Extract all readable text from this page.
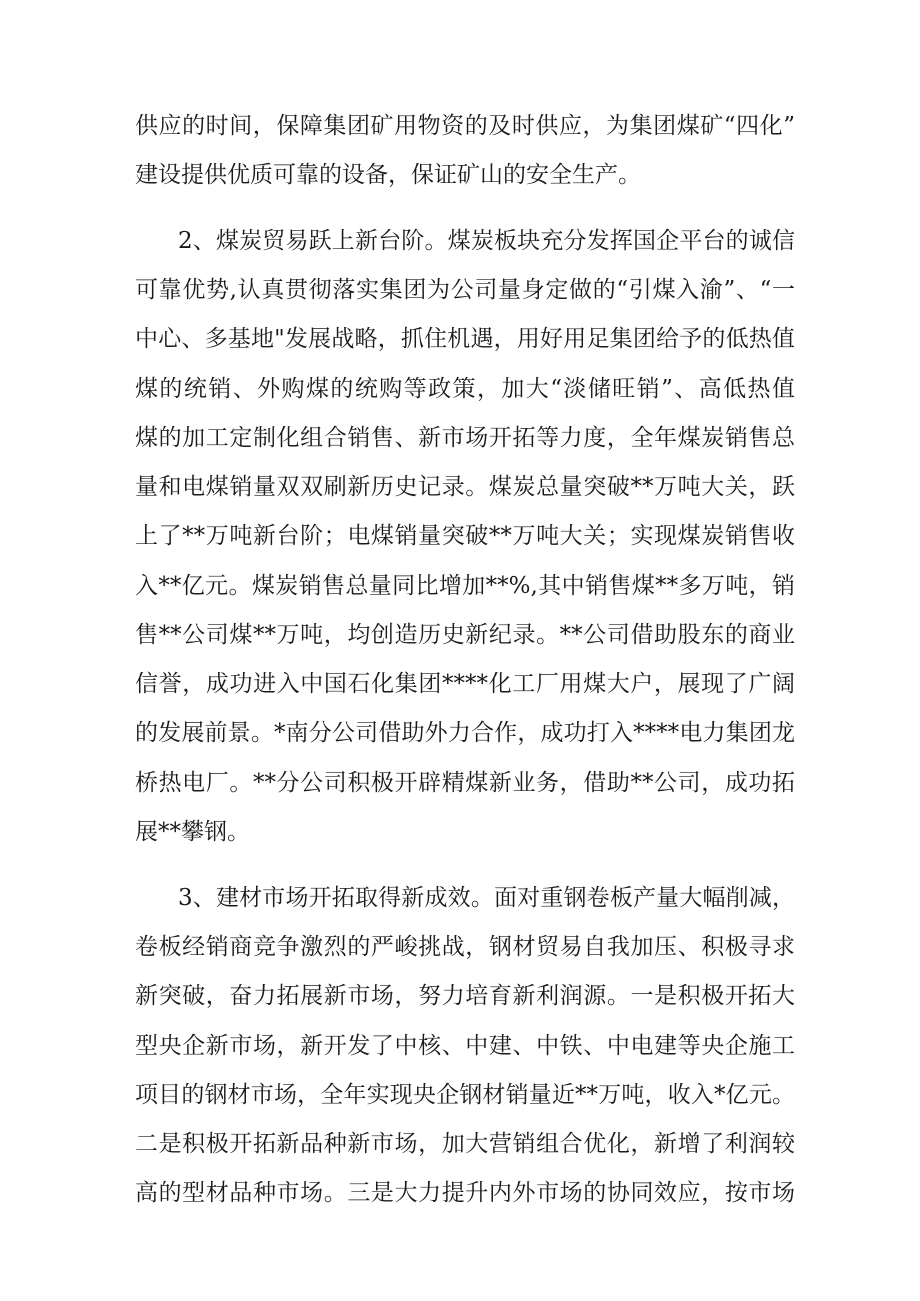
供应的时间，保障集团矿用物资的及时供应，为集团煤矿“四化”
建设提供优质可靠的设备，保证矿山的安全生产。
2、煤炭贸易跃上新台阶。煤炭板块充分发挥国企平台的诚信
可靠优势,认真贯彻落实集团为公司量身定做的“引煤入渝”、“一
中心、多基地"发展战略，抓住机遇，用好用足集团给予的低热值
煤的统销、外购煤的统购等政策，加大“淡储旺销”、高低热值
煤的加工定制化组合销售、新市场开拓等力度，全年煤炭销售总
量和电煤销量双双刷新历史记录。煤炭总量突破**万吨大关，跃
上了**万吨新台阶；电煤销量突破**万吨大关；实现煤炭销售收
入**亿元。煤炭销售总量同比增加**%,其中销售煤**多万吨，销
售**公司煤**万吨，均创造历史新纪录。**公司借助股东的商业
信誉，成功进入中国石化集团****化工厂用煤大户，展现了广阔
的发展前景。*南分公司借助外力合作，成功打入****电力集团龙
桥热电厂。**分公司积极开辟精煤新业务，借助**公司，成功拓
展**攀钢。
3、建材市场开拓取得新成效。面对重钢卷板产量大幅削减，
卷板经销商竞争激烈的严峻挑战，钢材贸易自我加压、积极寻求
新突破，奋力拓展新市场，努力培育新利润源。一是积极开拓大
型央企新市场，新开发了中核、中建、中铁、中电建等央企施工
项目的钢材市场，全年实现央企钢材销量近**万吨，收入*亿元。
二是积极开拓新品种新市场，加大营销组合优化，新增了利润较
高的型材品种市场。三是大力提升内外市场的协同效应，按市场
